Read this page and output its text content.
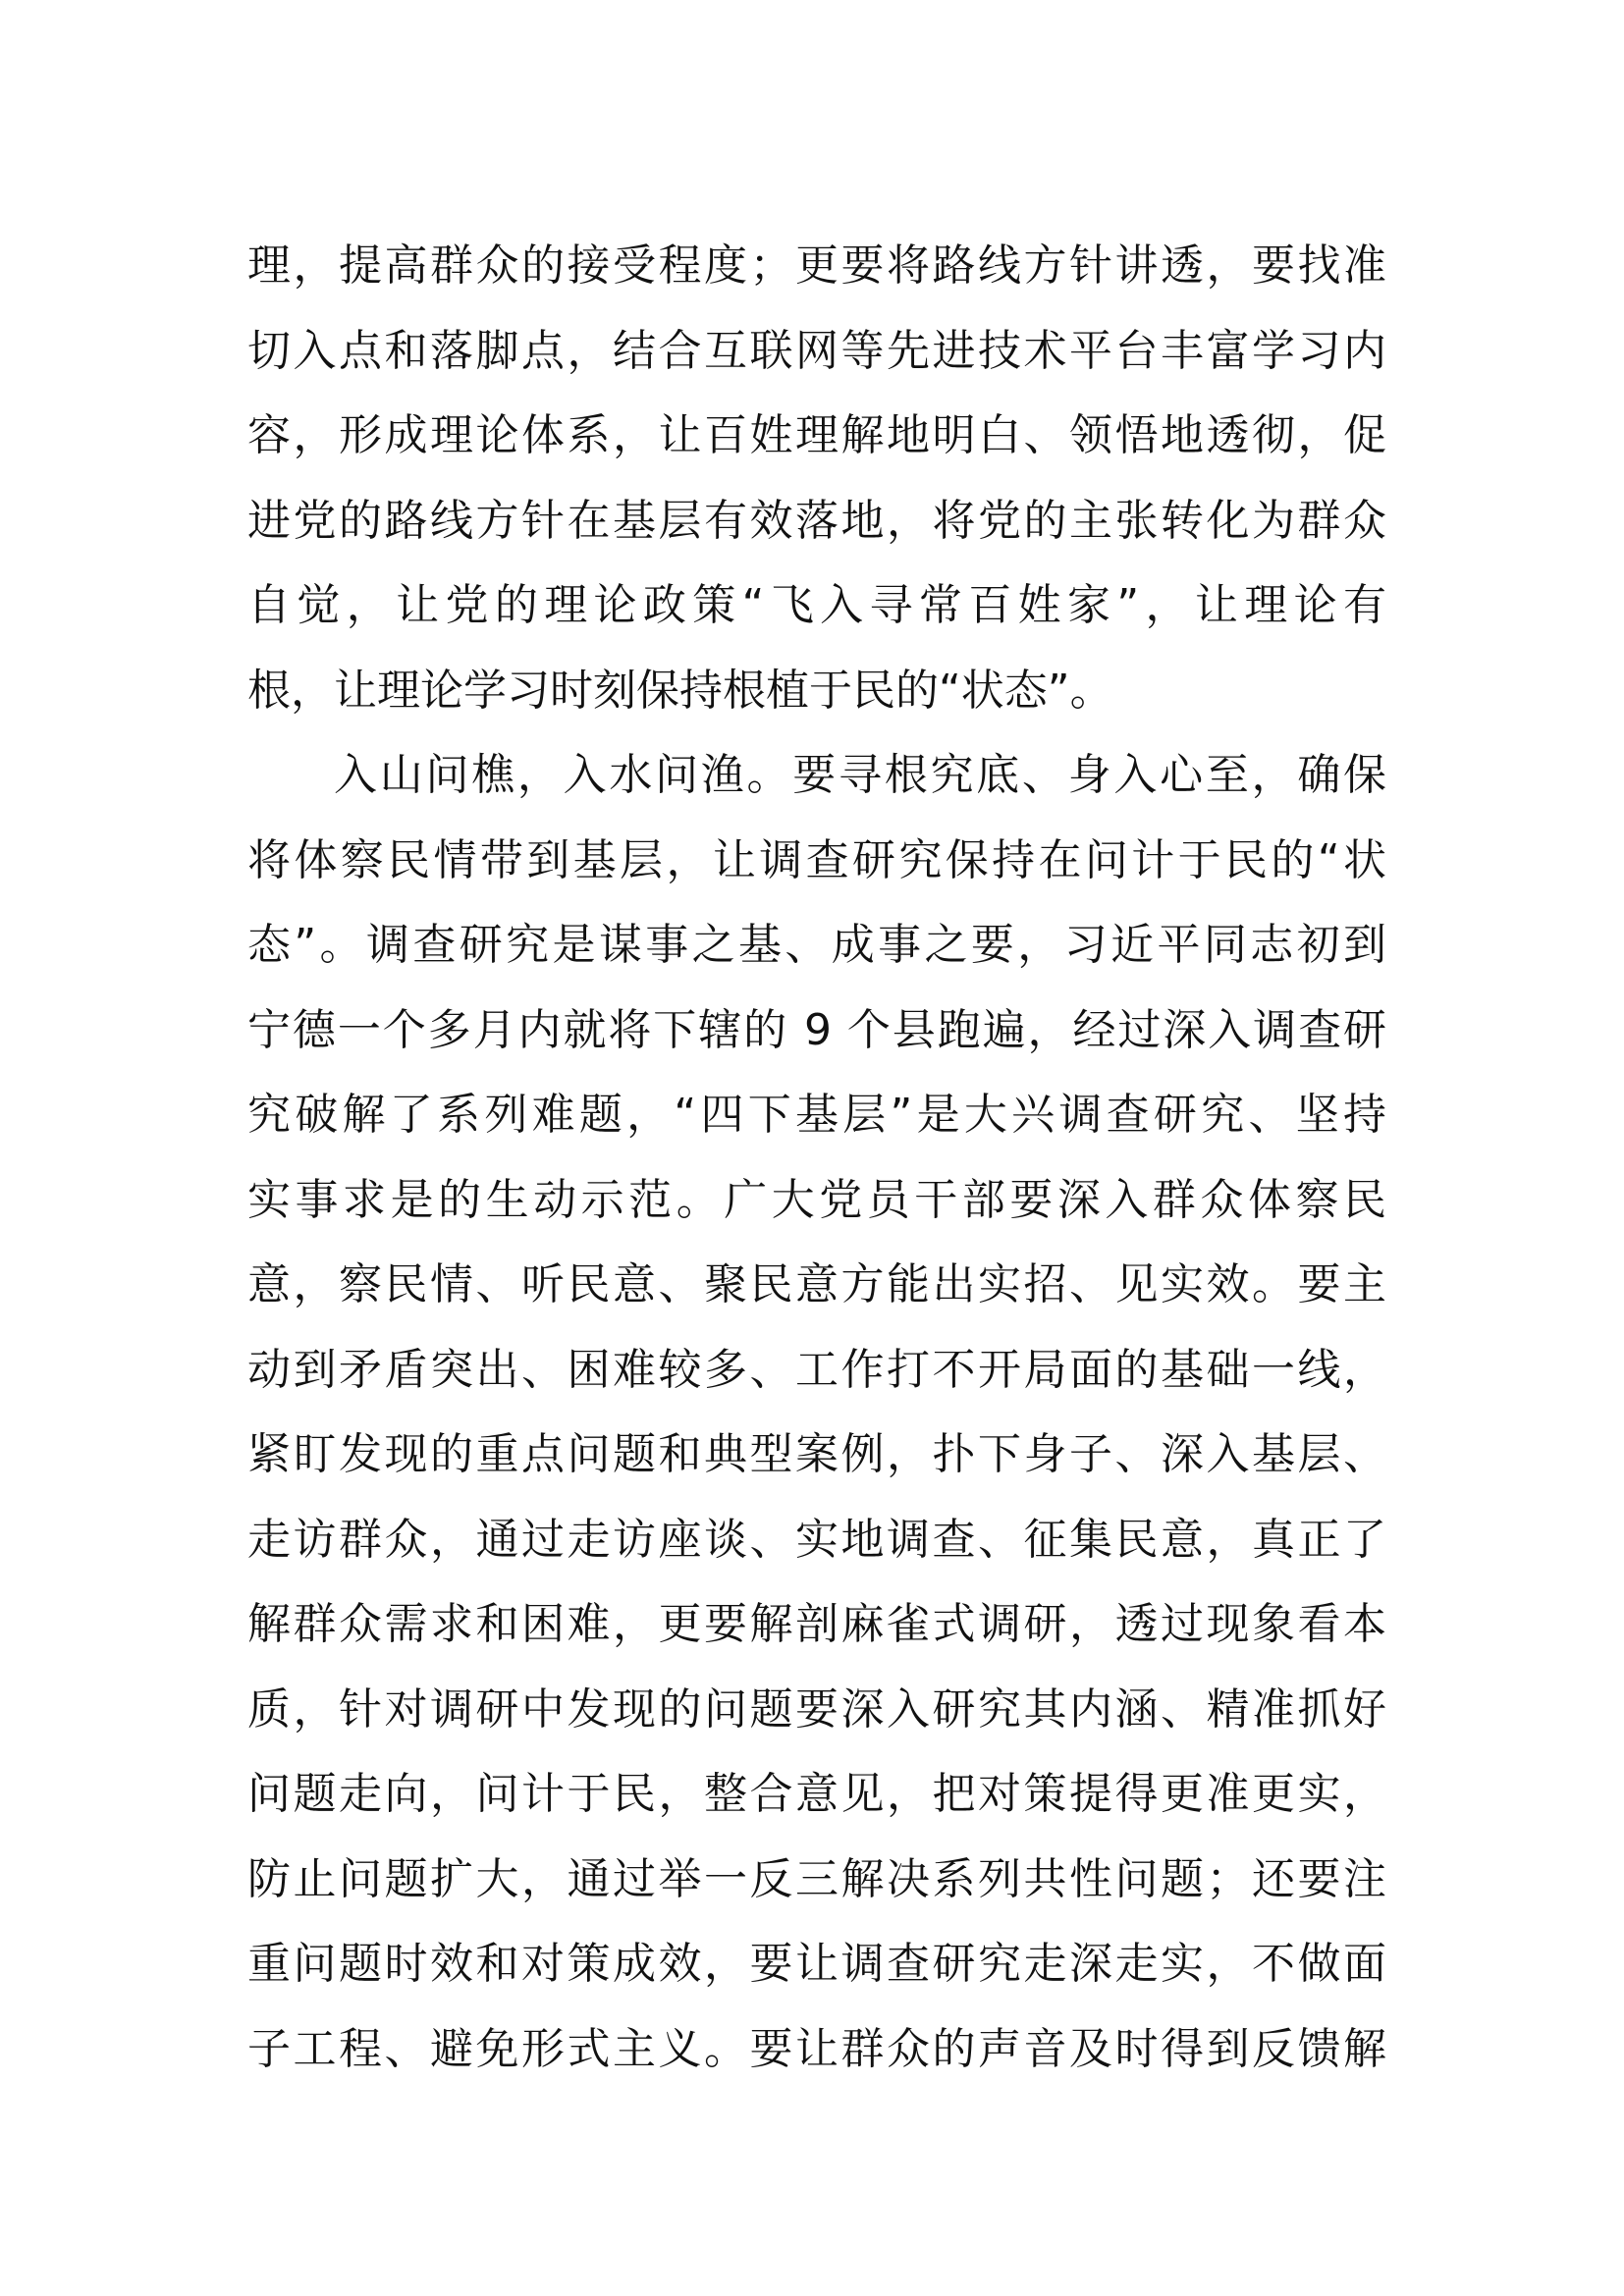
理，提高群众的接受程度；更要将路线方针讲透，要找准
切入点和落脚点，结合互联网等先进技术平台丰富学习内
容，形成理论体系，让百姓理解地明白、领悟地透彻，促
进党的路线方针在基层有效落地，将党的主张转化为群众
自觉，让党的理论政策“飞入寻常百姓家”，让理论有
根，让理论学习时刻保持根植于民的“状态”。
入山问樵，入水问渔。要寻根究底、身入心至，确保
将体察民情带到基层，让调查研究保持在问计于民的“状
态”。调查研究是谋事之基、成事之要，习近平同志初到
宁德一个多月内就将下辖的 9 个县跑遍，经过深入调查研
究破解了系列难题，“四下基层”是大兴调查研究、坚持
实事求是的生动示范。广大党员干部要深入群众体察民
意，察民情、听民意、聚民意方能出实招、见实效。要主
动到矛盾突出、困难较多、工作打不开局面的基础一线，
紧盯发现的重点问题和典型案例，扑下身子、深入基层、
走访群众，通过走访座谈、实地调查、征集民意，真正了
解群众需求和困难，更要解剖麻雀式调研，透过现象看本
质，针对调研中发现的问题要深入研究其内涵、精准抓好
问题走向，问计于民，整合意见，把对策提得更准更实，
防止问题扩大，通过举一反三解决系列共性问题；还要注
重问题时效和对策成效，要让调查研究走深走实，不做面
子工程、避免形式主义。要让群众的声音及时得到反馈解
